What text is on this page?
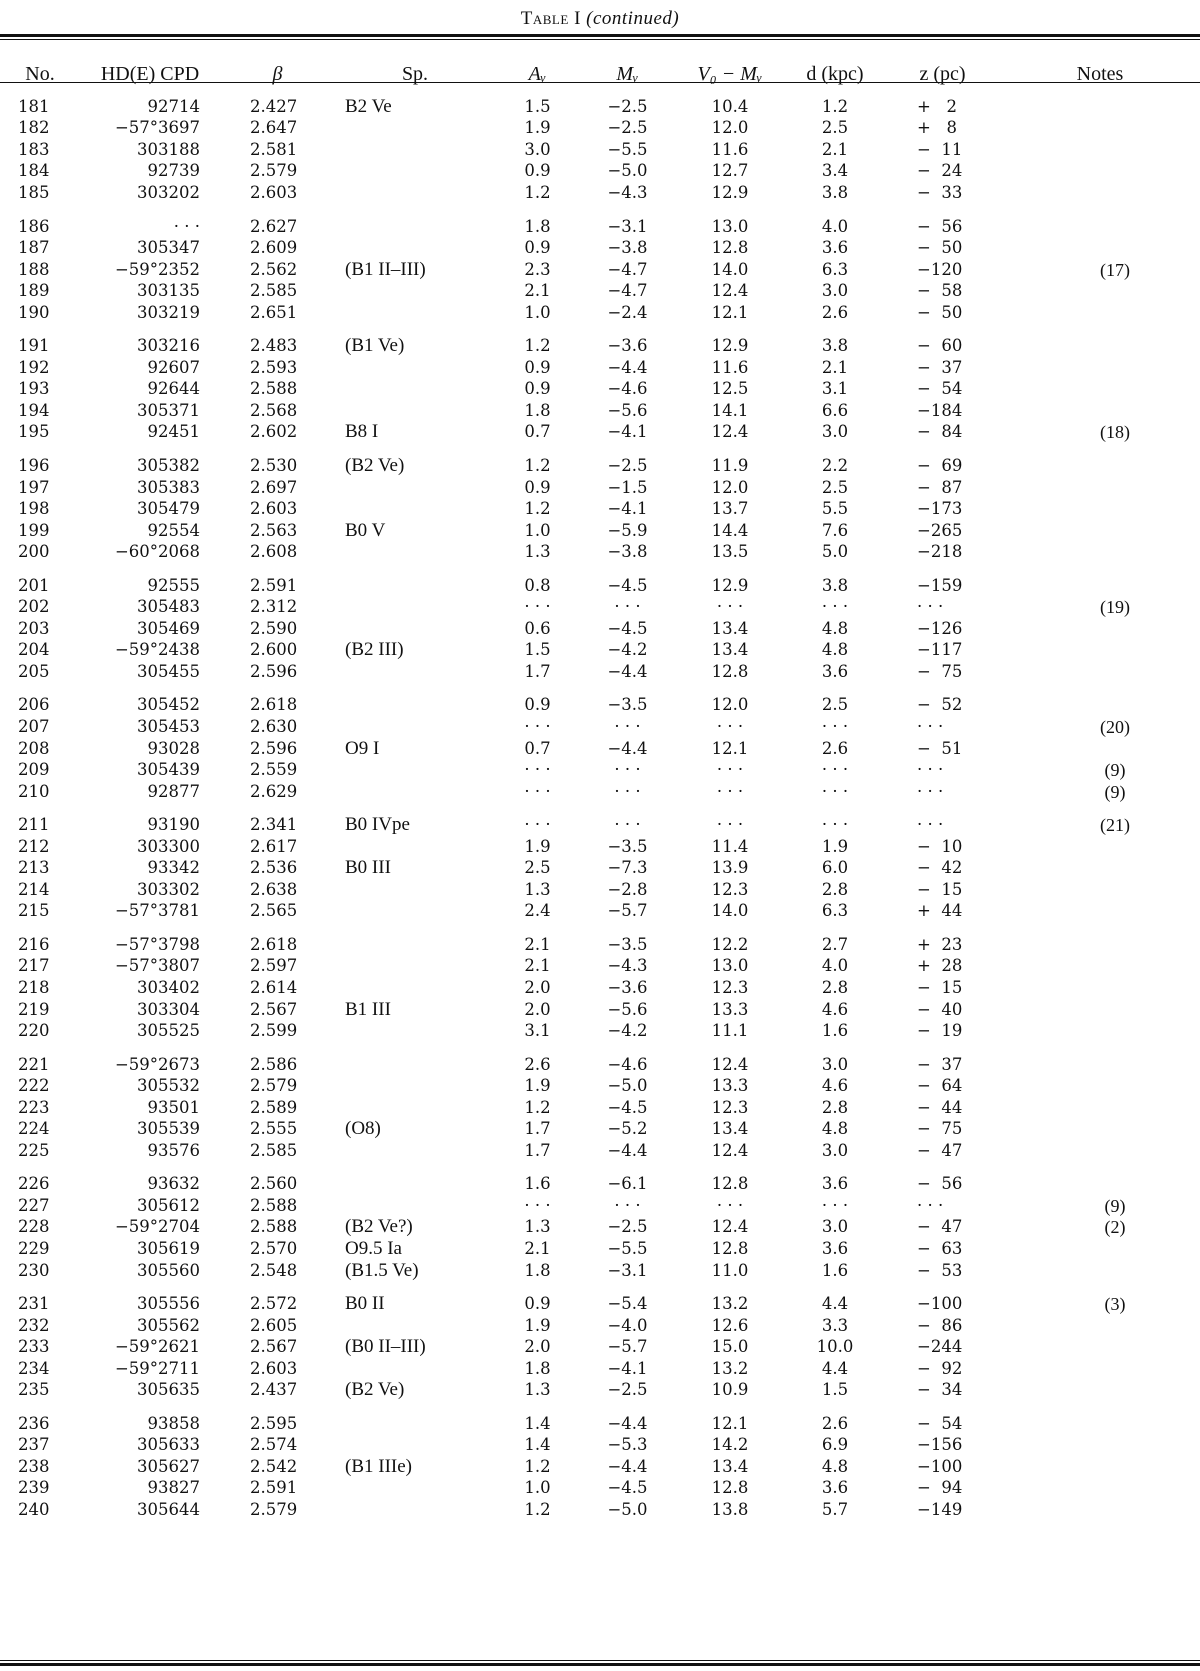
Table I (continued)
No.	HD(E) CPD	β	Sp.	Aᵥ	Mᵥ	V₀ − Mᵥ	d (kpc)	z (pc)	Notes
181	92714	2.427	B2 Ve	1.5	−2.5	10.4	1.2	+   2	
182	−57°3697	2.647		1.9	−2.5	12.0	2.5	+   8	
183	303188	2.581		3.0	−5.5	11.6	2.1	−  11	
184	92739	2.579		0.9	−5.0	12.7	3.4	−  24	
185	303202	2.603		1.2	−4.3	12.9	3.8	−  33	
186	· · ·	2.627		1.8	−3.1	13.0	4.0	−  56	
187	305347	2.609		0.9	−3.8	12.8	3.6	−  50	
188	−59°2352	2.562	(B1 II–III)	2.3	−4.7	14.0	6.3	−120	(17)
189	303135	2.585		2.1	−4.7	12.4	3.0	−  58	
190	303219	2.651		1.0	−2.4	12.1	2.6	−  50	
191	303216	2.483	(B1 Ve)	1.2	−3.6	12.9	3.8	−  60	
192	92607	2.593		0.9	−4.4	11.6	2.1	−  37	
193	92644	2.588		0.9	−4.6	12.5	3.1	−  54	
194	305371	2.568		1.8	−5.6	14.1	6.6	−184	
195	92451	2.602	B8 I	0.7	−4.1	12.4	3.0	−  84	(18)
196	305382	2.530	(B2 Ve)	1.2	−2.5	11.9	2.2	−  69	
197	305383	2.697		0.9	−1.5	12.0	2.5	−  87	
198	305479	2.603		1.2	−4.1	13.7	5.5	−173	
199	92554	2.563	B0 V	1.0	−5.9	14.4	7.6	−265	
200	−60°2068	2.608		1.3	−3.8	13.5	5.0	−218	
201	92555	2.591		0.8	−4.5	12.9	3.8	−159	
202	305483	2.312		· · ·	· · ·	· · ·	· · ·	· · ·	(19)
203	305469	2.590		0.6	−4.5	13.4	4.8	−126	
204	−59°2438	2.600	(B2 III)	1.5	−4.2	13.4	4.8	−117	
205	305455	2.596		1.7	−4.4	12.8	3.6	−  75	
206	305452	2.618		0.9	−3.5	12.0	2.5	−  52	
207	305453	2.630		· · ·	· · ·	· · ·	· · ·	· · ·	(20)
208	93028	2.596	O9 I	0.7	−4.4	12.1	2.6	−  51	
209	305439	2.559		· · ·	· · ·	· · ·	· · ·	· · ·	(9)
210	92877	2.629		· · ·	· · ·	· · ·	· · ·	· · ·	(9)
211	93190	2.341	B0 IVpe	· · ·	· · ·	· · ·	· · ·	· · ·	(21)
212	303300	2.617		1.9	−3.5	11.4	1.9	−  10	
213	93342	2.536	B0 III	2.5	−7.3	13.9	6.0	−  42	
214	303302	2.638		1.3	−2.8	12.3	2.8	−  15	
215	−57°3781	2.565		2.4	−5.7	14.0	6.3	+  44	
216	−57°3798	2.618		2.1	−3.5	12.2	2.7	+  23	
217	−57°3807	2.597		2.1	−4.3	13.0	4.0	+  28	
218	303402	2.614		2.0	−3.6	12.3	2.8	−  15	
219	303304	2.567	B1 III	2.0	−5.6	13.3	4.6	−  40	
220	305525	2.599		3.1	−4.2	11.1	1.6	−  19	
221	−59°2673	2.586		2.6	−4.6	12.4	3.0	−  37	
222	305532	2.579		1.9	−5.0	13.3	4.6	−  64	
223	93501	2.589		1.2	−4.5	12.3	2.8	−  44	
224	305539	2.555	(O8)	1.7	−5.2	13.4	4.8	−  75	
225	93576	2.585		1.7	−4.4	12.4	3.0	−  47	
226	93632	2.560		1.6	−6.1	12.8	3.6	−  56	
227	305612	2.588		· · ·	· · ·	· · ·	· · ·	· · ·	(9)
228	−59°2704	2.588	(B2 Ve?)	1.3	−2.5	12.4	3.0	−  47	(2)
229	305619	2.570	O9.5 Ia	2.1	−5.5	12.8	3.6	−  63	
230	305560	2.548	(B1.5 Ve)	1.8	−3.1	11.0	1.6	−  53	
231	305556	2.572	B0 II	0.9	−5.4	13.2	4.4	−100	(3)
232	305562	2.605		1.9	−4.0	12.6	3.3	−  86	
233	−59°2621	2.567	(B0 II–III)	2.0	−5.7	15.0	10.0	−244	
234	−59°2711	2.603		1.8	−4.1	13.2	4.4	−  92	
235	305635	2.437	(B2 Ve)	1.3	−2.5	10.9	1.5	−  34	
236	93858	2.595		1.4	−4.4	12.1	2.6	−  54	
237	305633	2.574		1.4	−5.3	14.2	6.9	−156	
238	305627	2.542	(B1 IIIe)	1.2	−4.4	13.4	4.8	−100	
239	93827	2.591		1.0	−4.5	12.8	3.6	−  94	
240	305644	2.579		1.2	−5.0	13.8	5.7	−149	
